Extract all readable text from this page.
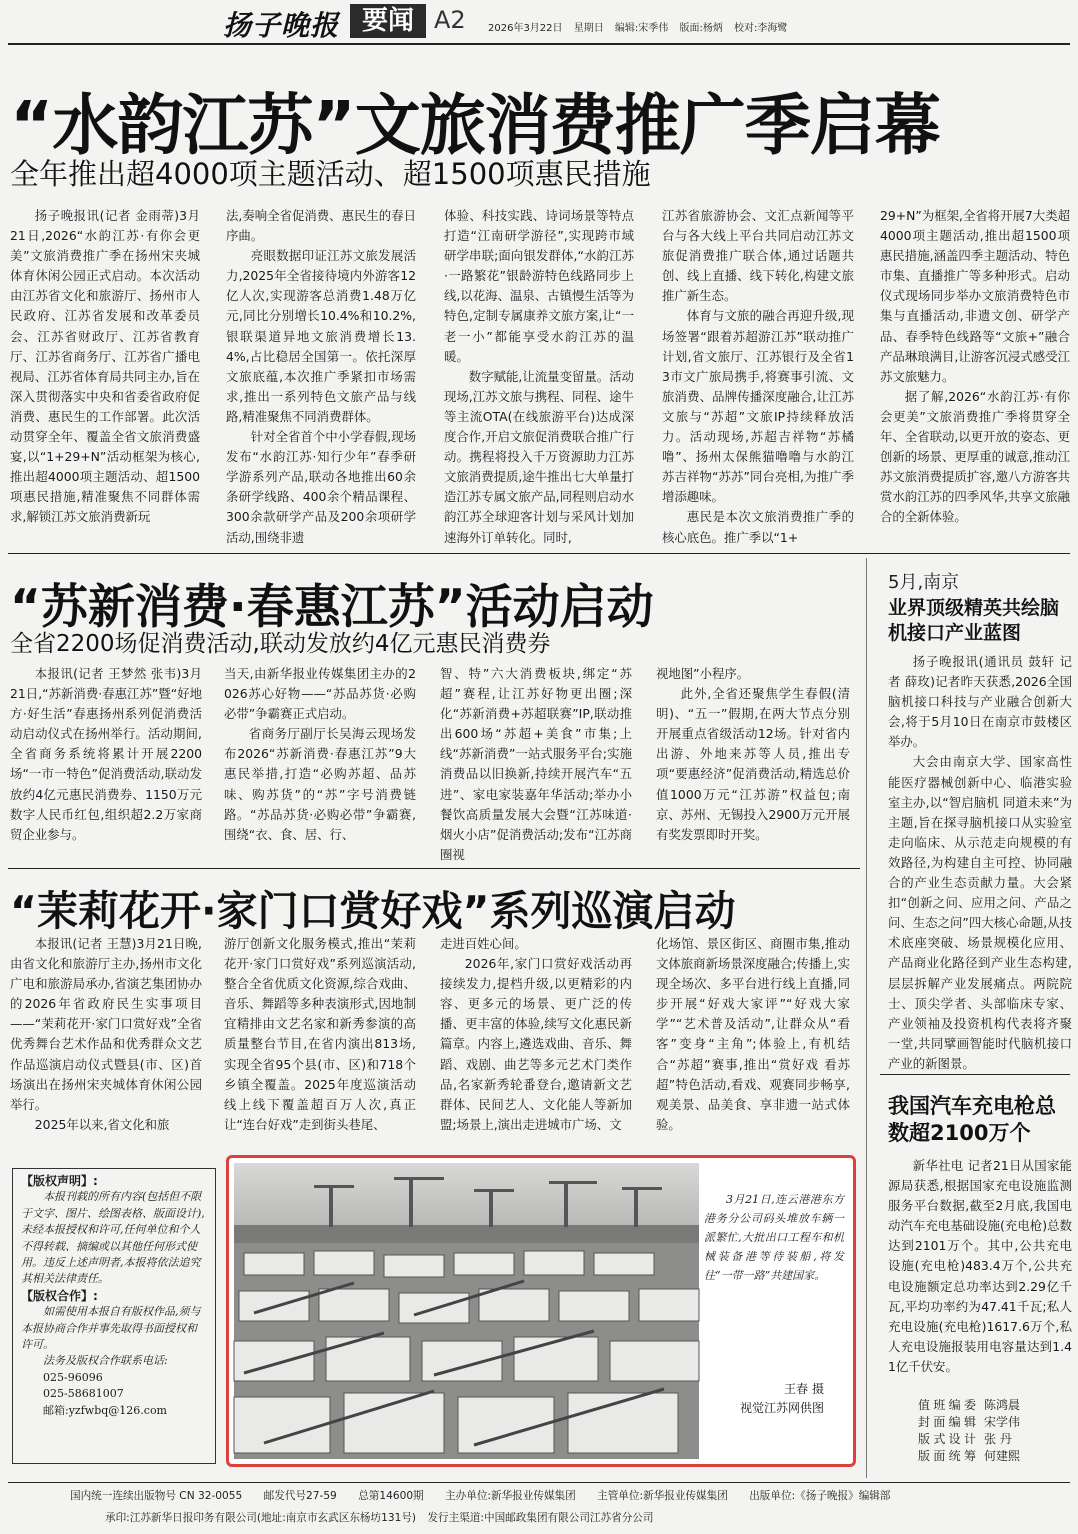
扬子晚报 要闻 A2 2026年3月22日 星期日 编辑:宋季伟 版面:杨炳 校对:李海鹭
“水韵江苏”文旅消费推广季启幕
全年推出超4000项主题活动、超1500项惠民措施

扬子晚报讯(记者 金雨蒂)3月21日,2026“水韵江苏·有你会更美”文旅消费推广季在扬州宋夹城体育休闲公园正式启动。本次活动由江苏省文化和旅游厅、扬州市人民政府、江苏省发展和改革委员会、江苏省财政厅、江苏省教育厅、江苏省商务厅、江苏省广播电视局、江苏省体育局共同主办,旨在深入贯彻落实中央和省委省政府促消费、惠民生的工作部署。此次活动贯穿全年、覆盖全省文旅消费盛宴,以“1+29+N”活动框架为核心,推出超4000项主题活动、超1500项惠民措施,精准聚焦不同群体需求,解锁江苏文旅消费新玩

法,奏响全省促消费、惠民生的春日序曲。

亮眼数据印证江苏文旅发展活力,2025年全省接待境内外游客12亿人次,实现游客总消费1.48万亿元,同比分别增长10.4%和10.2%,银联渠道异地文旅消费增长13.4%,占比稳居全国第一。依托深厚文旅底蕴,本次推广季紧扣市场需求,推出一系列特色文旅产品与线路,精准聚焦不同消费群体。

针对全省首个中小学春假,现场发布“水韵江苏·知行少年”春季研学游系列产品,联动各地推出60余条研学线路、400余个精品课程、300余款研学产品及200余项研学活动,围绕非遗

体验、科技实践、诗词场景等特点打造“江南研学游径”,实现跨市域研学串联;面向银发群体,“水韵江苏·一路繁花”银龄游特色线路同步上线,以花海、温泉、古镇慢生活等为特色,定制专属康养文旅方案,让“一老一小”都能享受水韵江苏的温暖。

数字赋能,让流量变留量。活动现场,江苏文旅与携程、同程、途牛等主流OTA(在线旅游平台)达成深度合作,开启文旅促消费联合推广行动。携程将投入千万资源助力江苏文旅消费提质,途牛推出七大单量打造江苏专属文旅产品,同程则启动水韵江苏全球迎客计划与采风计划加速海外订单转化。同时,

江苏省旅游协会、文汇点新闻等平台与各大线上平台共同启动江苏文旅促消费推广联合体,通过话题共创、线上直播、线下转化,构建文旅推广新生态。

体育与文旅的融合再迎升级,现场签署“跟着苏超游江苏”联动推广计划,省文旅厅、江苏银行及全省13市文广旅局携手,将赛事引流、文旅消费、品牌传播深度融合,让江苏文旅与“苏超”文旅IP持续释放活力。活动现场,苏超吉祥物“苏橘噜”、扬州太保熊猫噜噜与水韵江苏吉祥物“苏苏”同台亮相,为推广季增添趣味。

惠民是本次文旅消费推广季的核心底色。推广季以“1+

29+N”为框架,全省将开展7大类超4000项主题活动,推出超1500项惠民措施,涵盖四季主题活动、特色市集、直播推广等多种形式。启动仪式现场同步举办文旅消费特色市集与直播活动,非遗文创、研学产品、春季特色线路等“文旅+”融合产品琳琅满目,让游客沉浸式感受江苏文旅魅力。

据了解,2026“水韵江苏·有你会更美”文旅消费推广季将贯穿全年、全省联动,以更开放的姿态、更创新的场景、更厚重的诚意,推动江苏文旅消费提质扩容,邀八方游客共赏水韵江苏的四季风华,共享文旅融合的全新体验。

“苏新消费·春惠江苏”活动启动
全省2200场促消费活动,联动发放约4亿元惠民消费券

本报讯(记者 王梦然 张韦)3月21日,“苏新消费·春惠江苏”暨“好地方·好生活”春惠扬州系列促消费活动启动仪式在扬州举行。活动期间,全省商务系统将累计开展2200场“一市一特色”促消费活动,联动发放约4亿元惠民消费券、1150万元数字人民币红包,组织超2.2万家商贸企业参与。

当天,由新华报业传媒集团主办的2026苏心好物——“苏品苏货·必购必带”争霸赛正式启动。

省商务厅副厅长吴海云现场发布2026“苏新消费·春惠江苏”9大惠民举措,打造“必购苏超、品苏味、购苏货”的“苏”字号消费链路。“苏品苏货·必购必带”争霸赛,围绕“衣、食、居、行、

智、特”六大消费板块,绑定“苏超”赛程,让江苏好物更出圈;深化“苏新消费+苏超联赛”IP,联动推出600场“苏超+美食”市集;上线“苏新消费”一站式服务平台;实施消费品以旧换新,持续开展汽车“五进”、家电家装嘉年华活动;举办小餐饮高质量发展大会暨“江苏味道·烟火小店”促消费活动;发布“江苏商圈视

视地图”小程序。

此外,全省还聚焦学生春假(清明)、“五一”假期,在两大节点分别开展重点省级活动12场。针对省内出游、外地来苏等人员,推出专项“要惠经济”促消费活动,精选总价值1000万元“江苏游”权益包;南京、苏州、无锡投入2900万元开展有奖发票即时开奖。

“茉莉花开·家门口赏好戏”系列巡演启动

本报讯(记者 王慧)3月21日晚,由省文化和旅游厅主办,扬州市文化广电和旅游局承办,省演艺集团协办的2026年省政府民生实事项目——“茉莉花开·家门口赏好戏”全省优秀舞台艺术作品和优秀群众文艺作品巡演启动仪式暨县(市、区)首场演出在扬州宋夹城体育休闲公园举行。

2025年以来,省文化和旅

游厅创新文化服务模式,推出“茉莉花开·家门口赏好戏”系列巡演活动,整合全省优质文化资源,综合戏曲、音乐、舞蹈等多种表演形式,因地制宜精排由文艺名家和新秀参演的高质量整台节目,在省内演出813场,实现全省95个县(市、区)和718个乡镇全覆盖。2025年度巡演活动线上线下覆盖超百万人次,真正让“连台好戏”走到街头巷尾、

走进百姓心间。

2026年,家门口赏好戏活动再接续发力,提档升级,以更精彩的内容、更多元的场景、更广泛的传播、更丰富的体验,续写文化惠民新篇章。内容上,遴选戏曲、音乐、舞蹈、戏剧、曲艺等多元艺术门类作品,名家新秀轮番登台,邀请新文艺群体、民间艺人、文化能人等新加盟;场景上,演出走进城市广场、文

化场馆、景区街区、商圈市集,推动文体旅商新场景深度融合;传播上,实现全场次、多平台进行线上直播,同步开展“好戏大家评”“好戏大家学”“艺术普及活动”,让群众从“看客”变身“主角”;体验上,有机结合“苏超”赛事,推出“赏好戏 看苏超”特色活动,看戏、观赛同步畅享,观美景、品美食、享非遗一站式体验。

5月,南京
业界顶级精英共绘脑机接口产业蓝图

扬子晚报讯(通讯员 鼓轩 记者 薛玫)记者昨天获悉,2026全国脑机接口科技与产业融合创新大会,将于5月10日在南京市鼓楼区举办。

大会由南京大学、国家高性能医疗器械创新中心、临港实验室主办,以“智启脑机 同道未来”为主题,旨在探寻脑机接口从实验室走向临床、从示范走向规模的有效路径,为构建自主可控、协同融合的产业生态贡献力量。大会紧扣“创新之问、应用之问、产品之问、生态之问”四大核心命题,从技术底座突破、场景规模化应用、产品商业化路径到产业生态构建,层层拆解产业发展痛点。两院院士、顶尖学者、头部临床专家、产业领袖及投资机构代表将齐聚一堂,共同擘画智能时代脑机接口产业的新图景。

我国汽车充电枪总数超2100万个

新华社电 记者21日从国家能源局获悉,根据国家充电设施监测服务平台数据,截至2月底,我国电动汽车充电基础设施(充电枪)总数达到2101万个。其中,公共充电设施(充电枪)483.4万个,公共充电设施额定总功率达到2.29亿千瓦,平均功率约为47.41千瓦;私人充电设施(充电枪)1617.6万个,私人充电设施报装用电容量达到1.41亿千伏安。

值班编委 陈鸿晨
封面编辑 宋学伟
版式设计 张 丹
版面统筹 何建熙
【版权声明】:

本报刊载的所有内容(包括但不限于文字、图片、绘图表格、版面设计),未经本报授权和许可,任何单位和个人不得转载、摘编或以其他任何形式使用。违反上述声明者,本报将依法追究其相关法律责任。

【版权合作】:

如需使用本报自有版权作品,须与本报协商合作并事先取得书面授权和许可。

法务及版权合作联系电话:
025-96096
025-58681007
邮箱:yzfwbq@126.com

3月21日,连云港港东方港务分公司码头堆放车辆一派繁忙,大批出口工程车和机械装备港等待装船,将发往“一带一路”共建国家。

王春 摄
视觉江苏网供图
国内统一连续出版物号 CN 32-0055 邮发代号27-59 总第14600期 主办单位:新华报业传媒集团 主管单位:新华报业传媒集团 出版单位:《扬子晚报》编辑部
承印:江苏新华日报印务有限公司(地址:南京市玄武区东杨坊131号) 发行主渠道:中国邮政集团有限公司江苏省分公司
